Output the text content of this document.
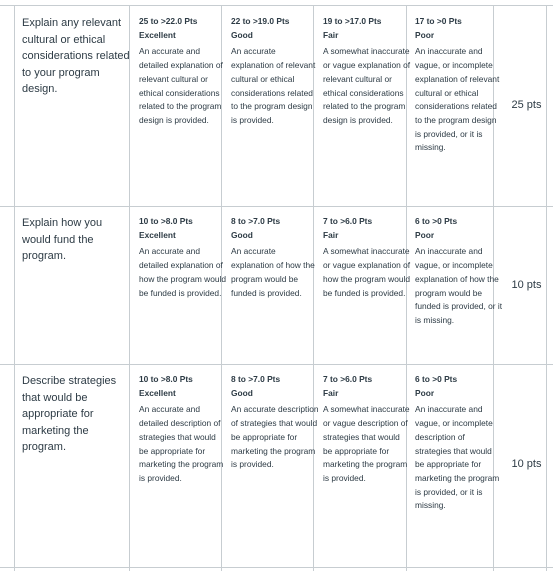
Explain any relevant cultural or ethical considerations related to your program design.
25 to >22.0 Pts
Excellent
An accurate and detailed explanation of relevant cultural or ethical considerations related to the program design is provided.
22 to >19.0 Pts
Good
An accurate explanation of relevant cultural or ethical considerations related to the program design is provided.
19 to >17.0 Pts
Fair
A somewhat inaccurate or vague explanation of relevant cultural or ethical considerations related to the program design is provided.
17 to >0 Pts
Poor
An inaccurate and vague, or incomplete explanation of relevant cultural or ethical considerations related to the program design is provided, or it is missing.
25 pts
Explain how you would fund the program.
10 to >8.0 Pts
Excellent
An accurate and detailed explanation of how the program would be funded is provided.
8 to >7.0 Pts
Good
An accurate explanation of how the program would be funded is provided.
7 to >6.0 Pts
Fair
A somewhat inaccurate or vague explanation of how the program would be funded is provided.
6 to >0 Pts
Poor
An inaccurate and vague, or incomplete explanation of how the program would be funded is provided, or it is missing.
10 pts
Describe strategies that would be appropriate for marketing the program.
10 to >8.0 Pts
Excellent
An accurate and detailed description of strategies that would be appropriate for marketing the program is provided.
8 to >7.0 Pts
Good
An accurate description of strategies that would be appropriate for marketing the program is provided.
7 to >6.0 Pts
Fair
A somewhat inaccurate or vague description of strategies that would be appropriate for marketing the program is provided.
6 to >0 Pts
Poor
An inaccurate and vague, or incomplete description of strategies that would be appropriate for marketing the program is provided, or it is missing.
10 pts
